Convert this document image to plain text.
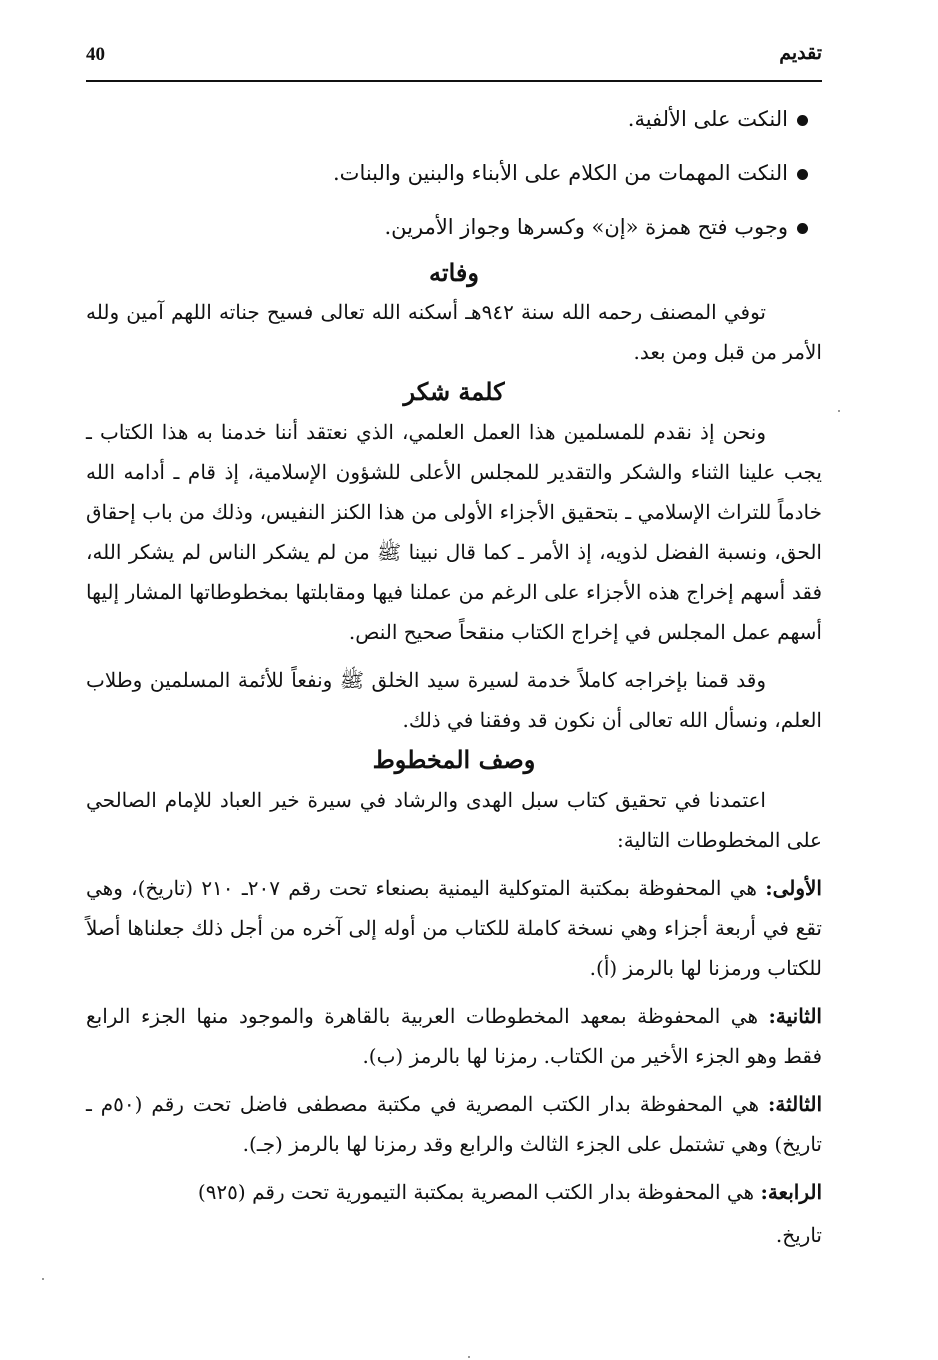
40	تقديم
النكت على الألفية.
النكت المهمات من الكلام على الأبناء والبنين والبنات.
وجوب فتح همزة «إن» وكسرها وجواز الأمرين.
وفاته

توفي المصنف رحمه الله سنة ٩٤٢هـ أسكنه الله تعالى فسيح جناته اللهم آمين ولله الأمر من قبل ومن بعد.

كلمة شكر

ونحن إذ نقدم للمسلمين هذا العمل العلمي، الذي نعتقد أننا خدمنا به هذا الكتاب ـ يجب علينا الثناء والشكر والتقدير للمجلس الأعلى للشؤون الإسلامية، إذ قام ـ أدامه الله خادماً للتراث الإسلامي ـ بتحقيق الأجزاء الأولى من هذا الكنز النفيس، وذلك من باب إحقاق الحق، ونسبة الفضل لذويه، إذ الأمر ـ كما قال نبينا ﷺ من لم يشكر الناس لم يشكر الله، فقد أسهم إخراج هذه الأجزاء على الرغم من عملنا فيها ومقابلتها بمخطوطاتها المشار إليها أسهم عمل المجلس في إخراج الكتاب منقحاً صحيح النص.

وقد قمنا بإخراجه كاملاً خدمة لسيرة سيد الخلق ﷺ ونفعاً للأئمة المسلمين وطلاب العلم، ونسأل الله تعالى أن نكون قد وفقنا في ذلك.

وصف المخطوط

اعتمدنا في تحقيق كتاب سبل الهدى والرشاد في سيرة خير العباد للإمام الصالحي على المخطوطات التالية:

الأولى: هي المحفوظة بمكتبة المتوكلية اليمنية بصنعاء تحت رقم ٢٠٧ـ ٢١٠ (تاريخ)، وهي تقع في أربعة أجزاء وهي نسخة كاملة للكتاب من أوله إلى آخره من أجل ذلك جعلناها أصلاً للكتاب ورمزنا لها بالرمز (أ).

الثانية: هي المحفوظة بمعهد المخطوطات العربية بالقاهرة والموجود منها الجزء الرابع فقط وهو الجزء الأخير من الكتاب. رمزنا لها بالرمز (ب).

الثالثة: هي المحفوظة بدار الكتب المصرية في مكتبة مصطفى فاضل تحت رقم (٥٠م ـ تاريخ) وهي تشتمل على الجزء الثالث والرابع وقد رمزنا لها بالرمز (جـ).

الرابعة: هي المحفوظة بدار الكتب المصرية بمكتبة التيمورية تحت رقم (٩٢٥)

تاريخ.
